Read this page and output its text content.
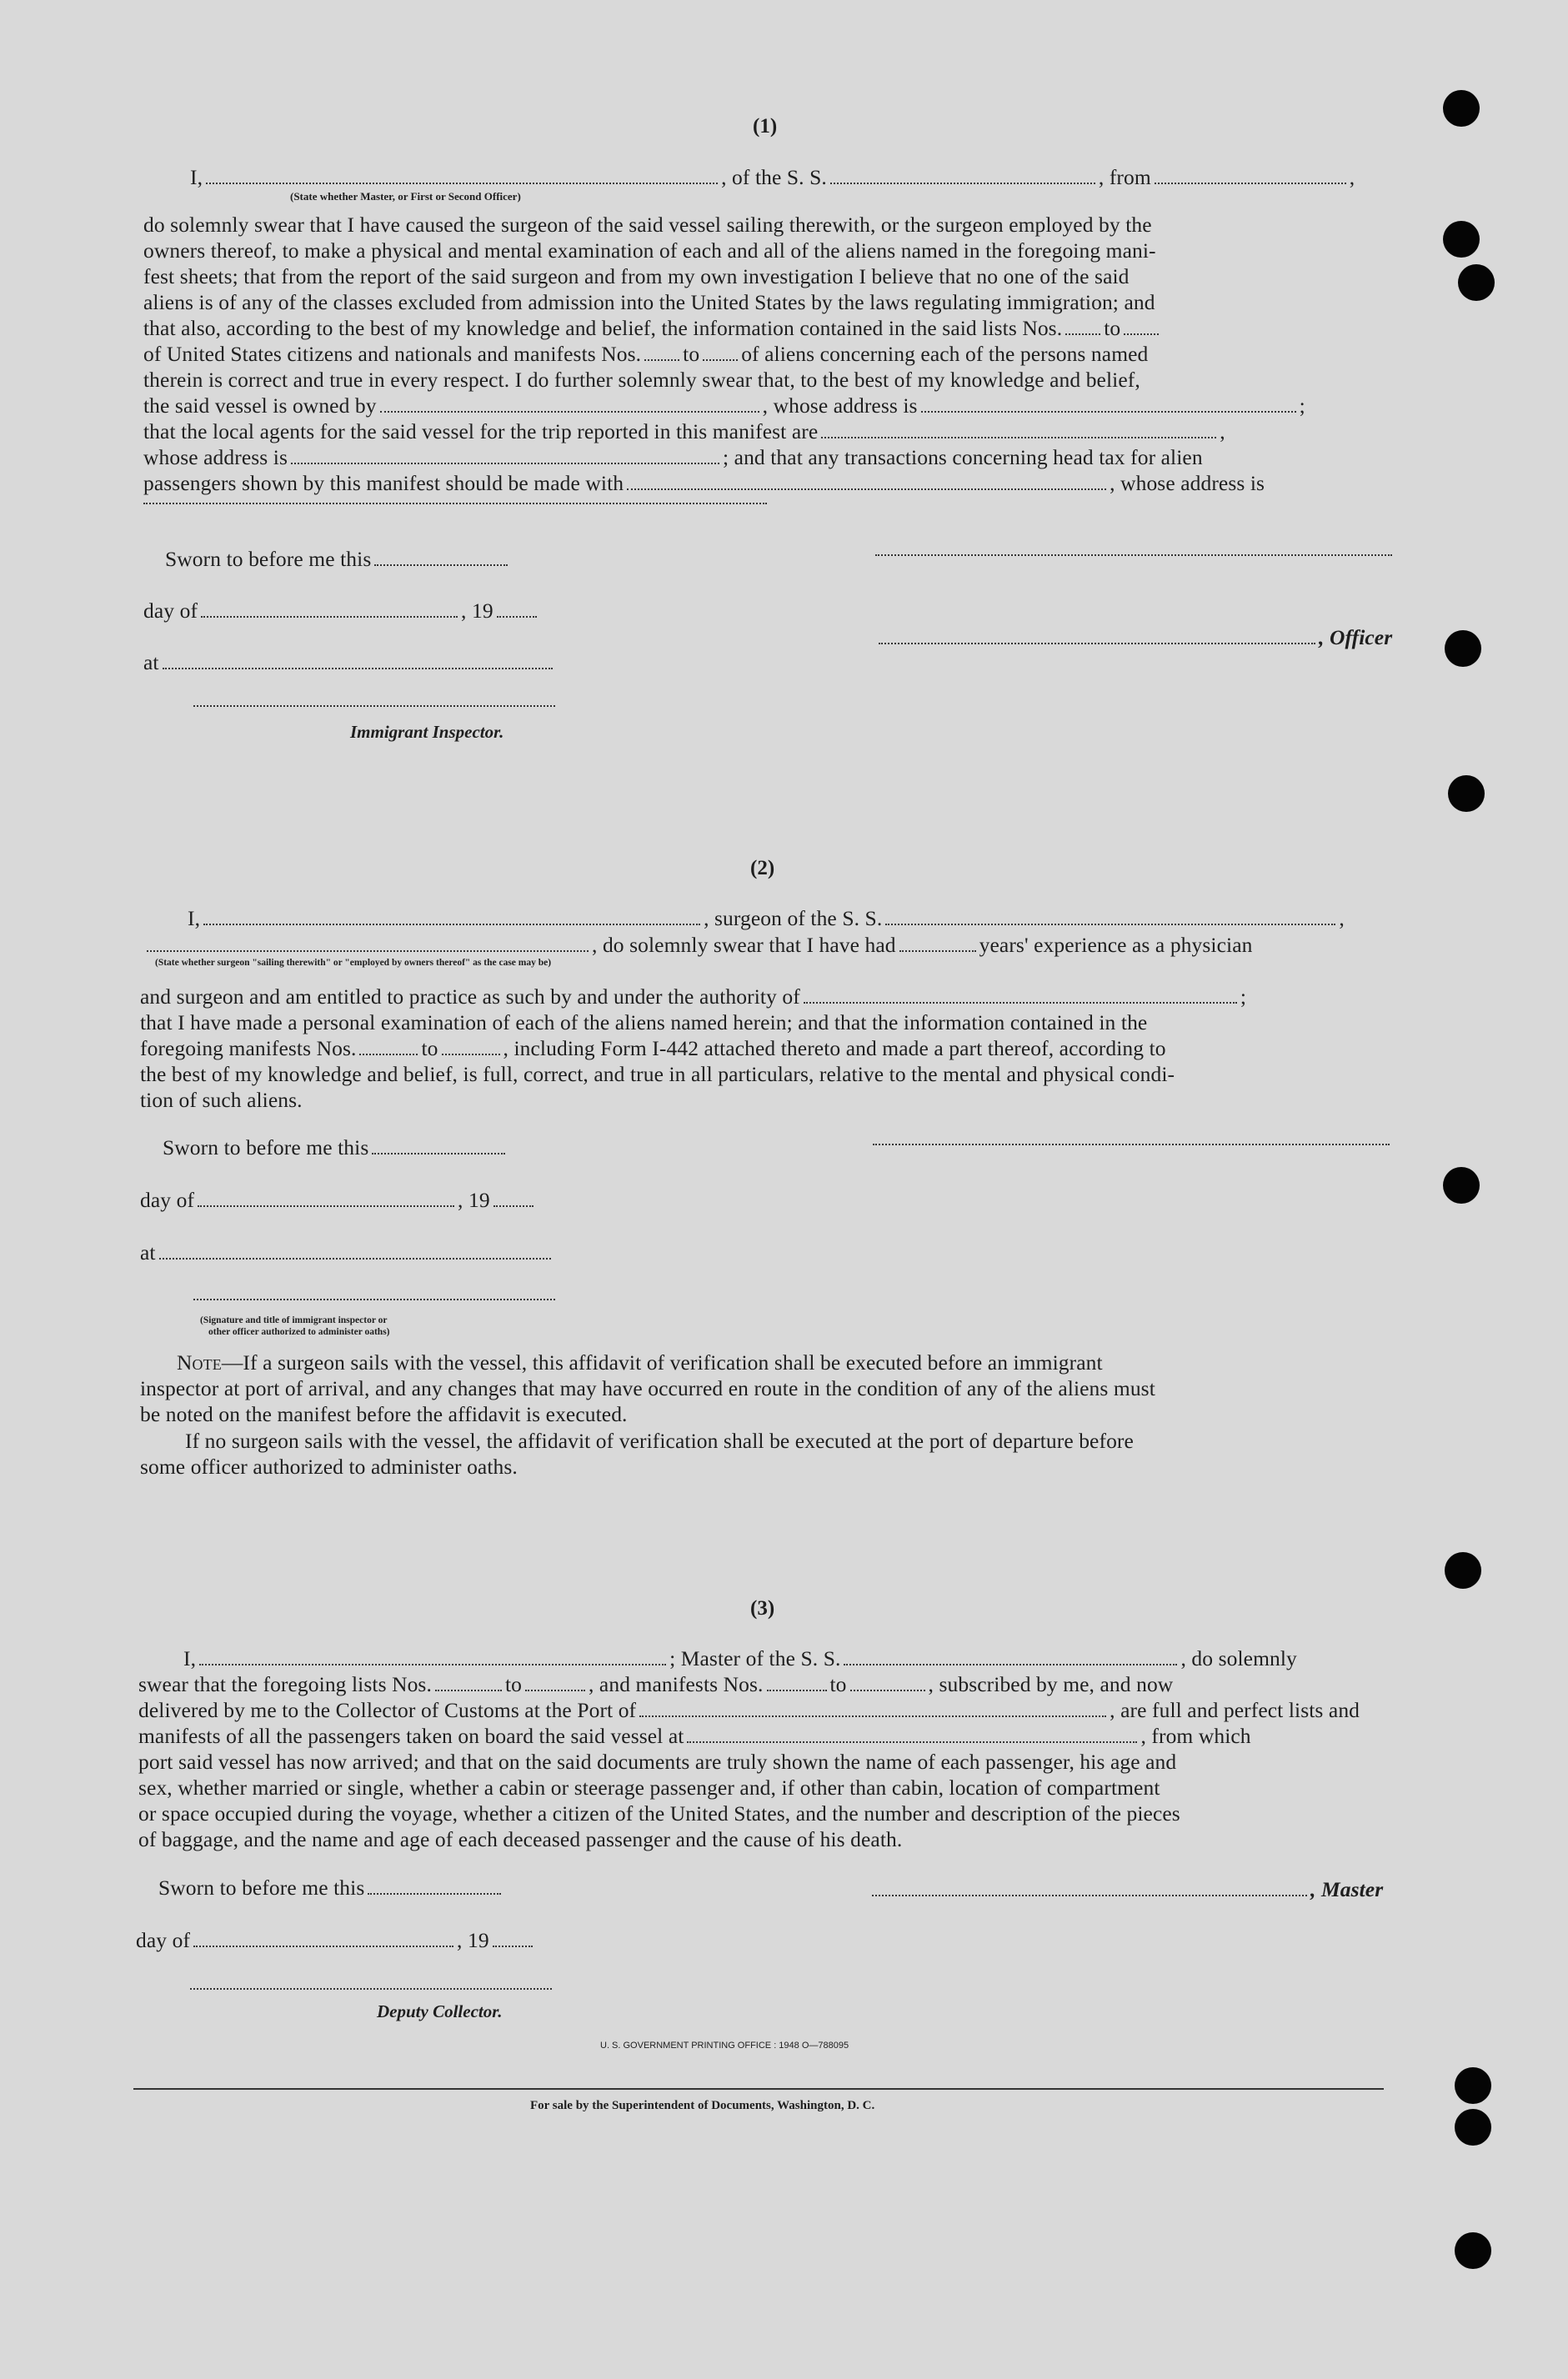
(1)
I,	, of the S. S.	, from	,
(State whether Master, or First or Second Officer)
do solemnly swear that I have caused the surgeon of the said vessel sailing therewith, or the surgeon employed by the
owners thereof, to make a physical and mental examination of each and all of the aliens named in the foregoing mani-
fest sheets; that from the report of the said surgeon and from my own investigation I believe that no one of the said
aliens is of any of the classes excluded from admission into the United States by the laws regulating immigration; and
that also, according to the best of my knowledge and belief, the information contained in the said lists Nos. to
of United States citizens and nationals and manifests Nos. to of aliens concerning each of the persons named
therein is correct and true in every respect. I do further solemnly swear that, to the best of my knowledge and belief,
the said vessel is owned by	, whose address is	;
that the local agents for the said vessel for the trip reported in this manifest are	,
whose address is	; and that any transactions concerning head tax for alien
passengers shown by this manifest should be made with	, whose address is
Sworn to before me this
day of	, 19
, Officer
at
Immigrant Inspector.
(2)
I,	, surgeon of the S. S.	,
, do solemnly swear that I have had	years' experience as a physician
(State whether surgeon "sailing therewith" or "employed by owners thereof" as the case may be)
and surgeon and am entitled to practice as such by and under the authority of	;
that I have made a personal examination of each of the aliens named herein; and that the information contained in the
foregoing manifests Nos.	to	, including Form I-442 attached thereto and made a part thereof, according to
the best of my knowledge and belief, is full, correct, and true in all particulars, relative to the mental and physical condi-
tion of such aliens.
Sworn to before me this
day of	, 19
at
(Signature and title of immigrant inspector or
other officer authorized to administer oaths)
Note—If a surgeon sails with the vessel, this affidavit of verification shall be executed before an immigrant
inspector at port of arrival, and any changes that may have occurred en route in the condition of any of the aliens must
be noted on the manifest before the affidavit is executed.
If no surgeon sails with the vessel, the affidavit of verification shall be executed at the port of departure before
some officer authorized to administer oaths.
(3)
I,	; Master of the S. S.	, do solemnly
swear that the foregoing lists Nos.	to	, and manifests Nos.	to	, subscribed by me, and now
delivered by me to the Collector of Customs at the Port of	, are full and perfect lists and
manifests of all the passengers taken on board the said vessel at	, from which
port said vessel has now arrived; and that on the said documents are truly shown the name of each passenger, his age and
sex, whether married or single, whether a cabin or steerage passenger and, if other than cabin, location of compartment
or space occupied during the voyage, whether a citizen of the United States, and the number and description of the pieces
of baggage, and the name and age of each deceased passenger and the cause of his death.
Sworn to before me this	, Master
day of	, 19
Deputy Collector.
U. S. GOVERNMENT PRINTING OFFICE : 1948 O—788095
For sale by the Superintendent of Documents, Washington, D. C.
